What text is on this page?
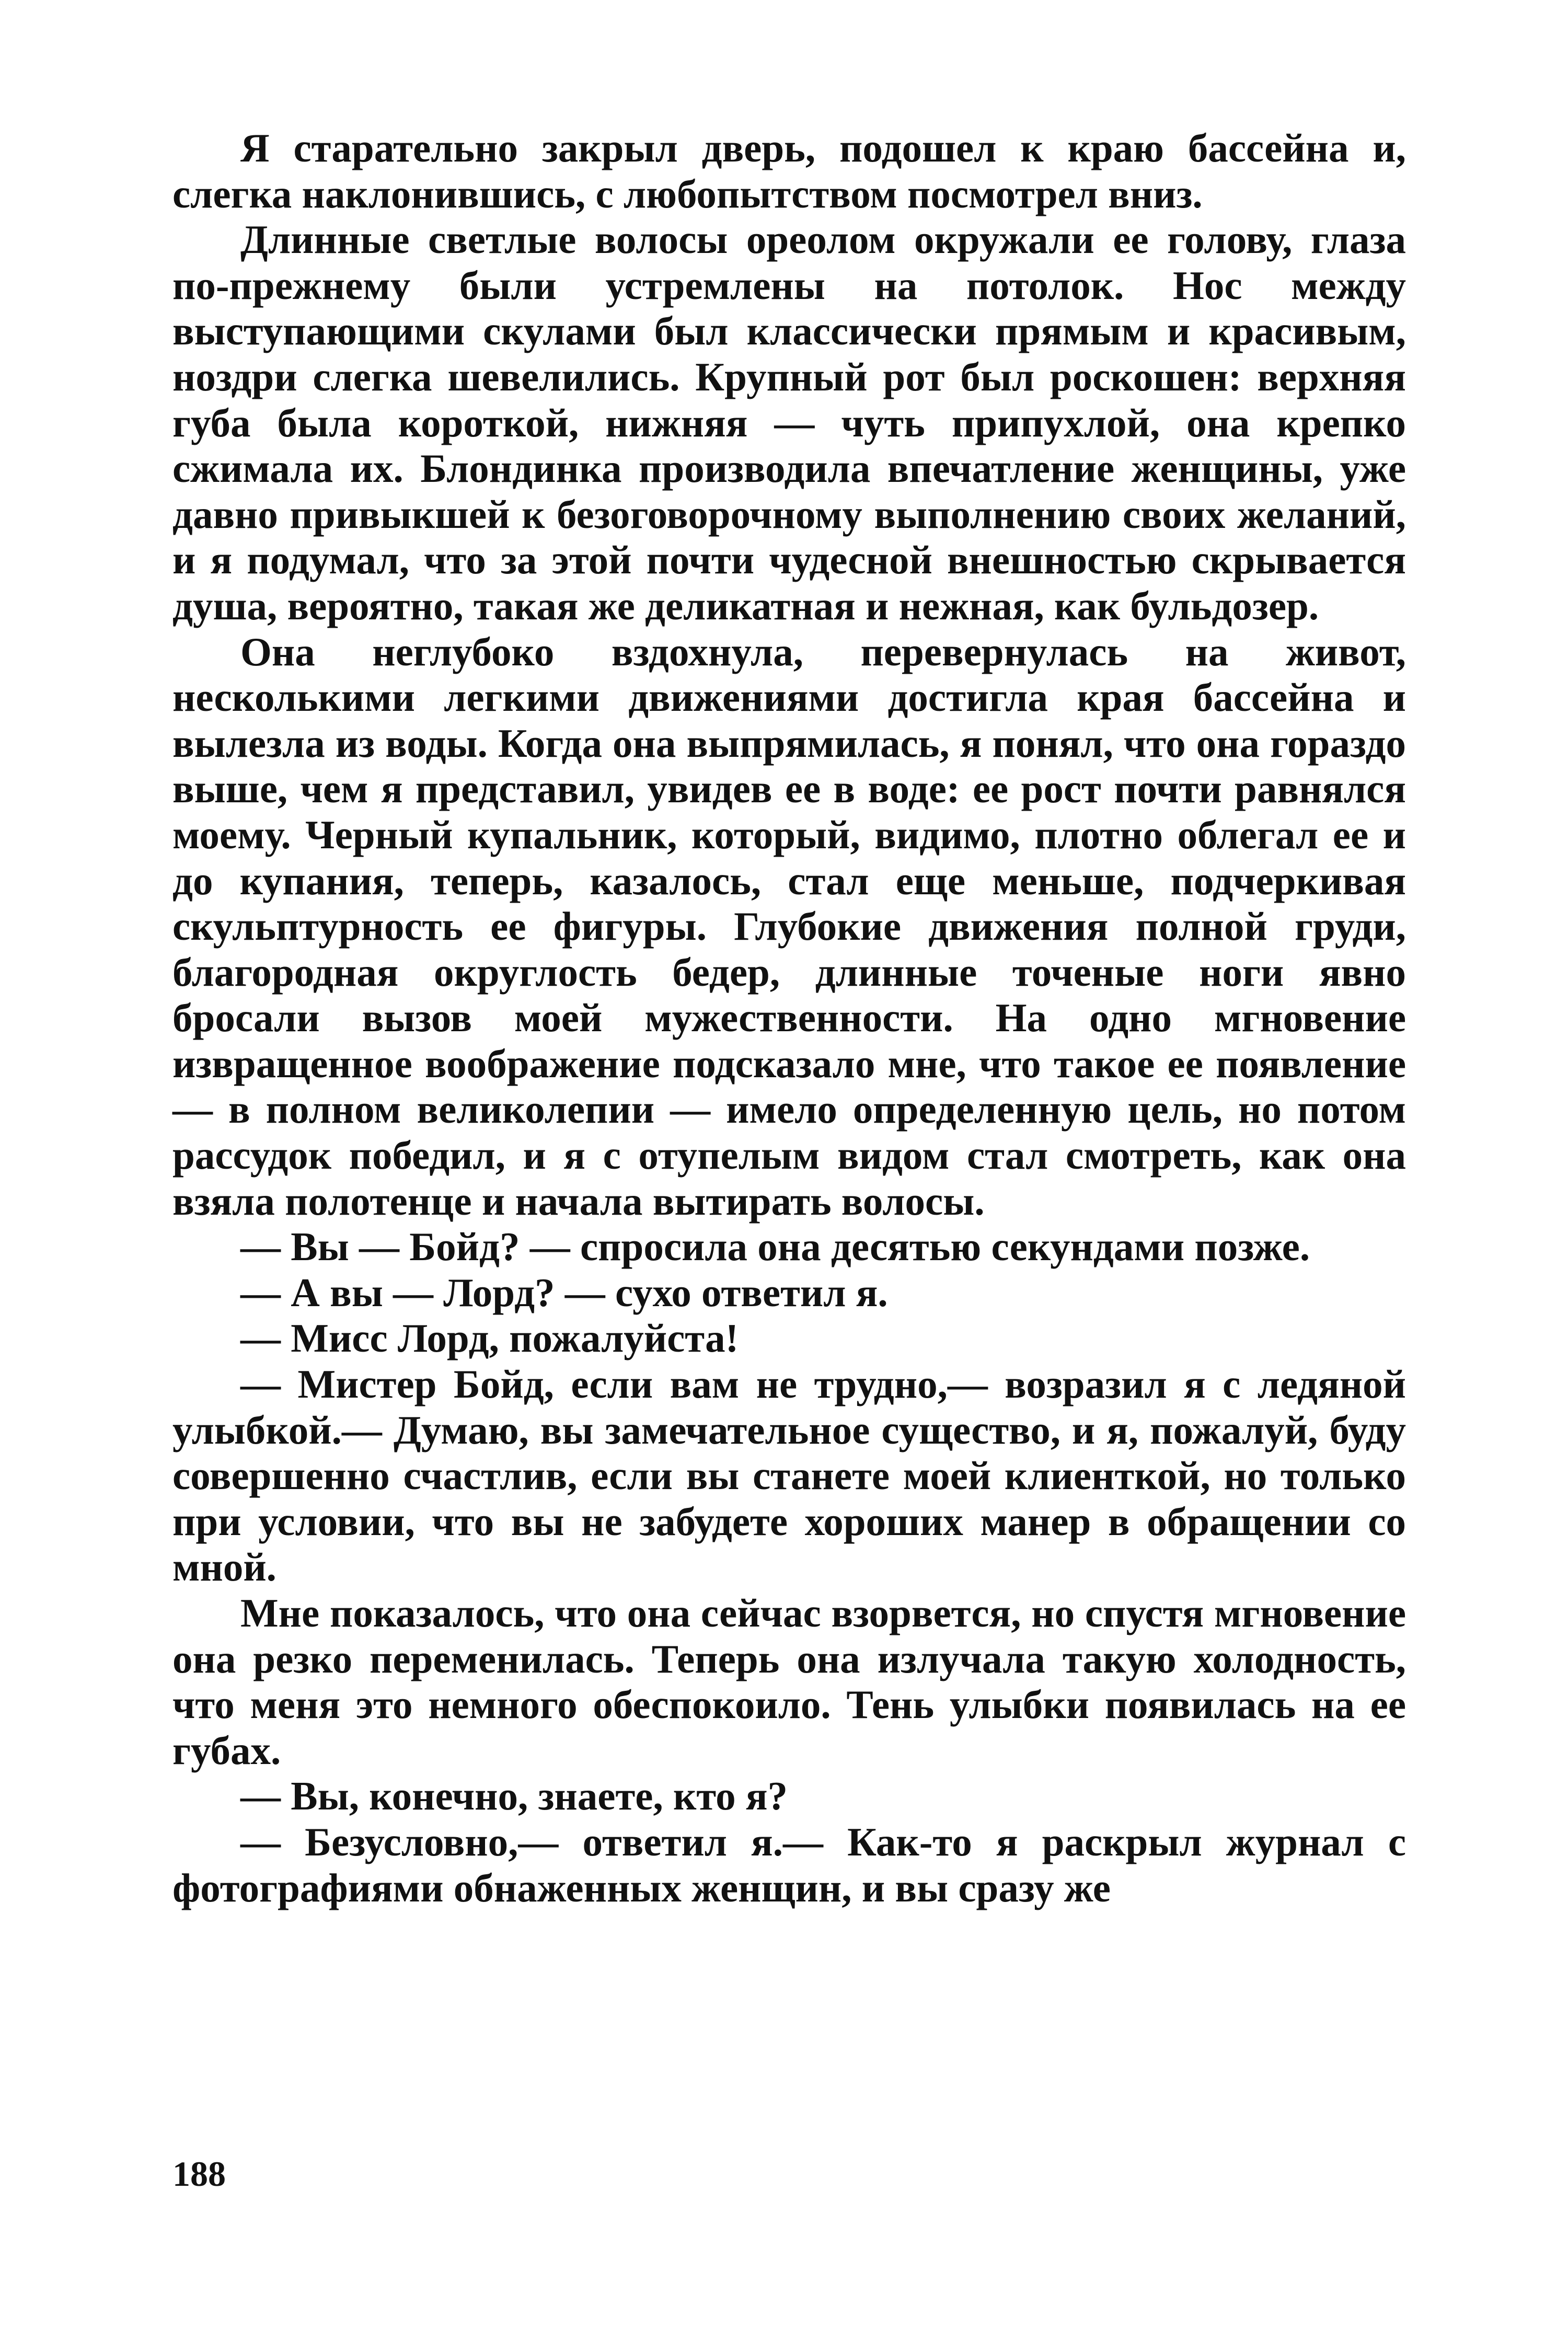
Я старательно закрыл дверь, подошел к краю бассейна и, слегка наклонившись, с любопытством посмотрел вниз.

Длинные светлые волосы ореолом окружали ее голову, глаза по-прежнему были устремлены на потолок. Нос между выступающими скулами был классически прямым и красивым, ноздри слегка шевелились. Крупный рот был роскошен: верхняя губа была короткой, нижняя — чуть припухлой, она крепко сжимала их. Блондинка производила впечатление женщины, уже давно привыкшей к безоговорочному выполнению своих желаний, и я подумал, что за этой почти чудесной внешностью скрывается душа, вероятно, такая же деликатная и нежная, как бульдозер.

Она неглубоко вздохнула, перевернулась на живот, несколькими легкими движениями достигла края бассейна и вылезла из воды. Когда она выпрямилась, я понял, что она гораздо выше, чем я представил, увидев ее в воде: ее рост почти равнялся моему. Черный купальник, который, видимо, плотно облегал ее и до купания, теперь, казалось, стал еще меньше, подчеркивая скульптурность ее фигуры. Глубокие движения полной груди, благородная округлость бедер, длинные точеные ноги явно бросали вызов моей мужественности. На одно мгновение извращенное воображение подсказало мне, что такое ее появление — в полном великолепии — имело определенную цель, но потом рассудок победил, и я с отупелым видом стал смотреть, как она взяла полотенце и начала вытирать волосы.

— Вы — Бойд? — спросила она десятью секундами позже.

— А вы — Лорд? — сухо ответил я.

— Мисс Лорд, пожалуйста!

— Мистер Бойд, если вам не трудно,— возразил я с ледяной улыбкой.— Думаю, вы замечательное существо, и я, пожалуй, буду совершенно счастлив, если вы станете моей клиенткой, но только при условии, что вы не забудете хороших манер в обращении со мной.

Мне показалось, что она сейчас взорвется, но спустя мгновение она резко переменилась. Теперь она излучала такую холодность, что меня это немного обеспокоило. Тень улыбки появилась на ее губах.

— Вы, конечно, знаете, кто я?

— Безусловно,— ответил я.— Как-то я раскрыл журнал с фотографиями обнаженных женщин, и вы сразу же

188
